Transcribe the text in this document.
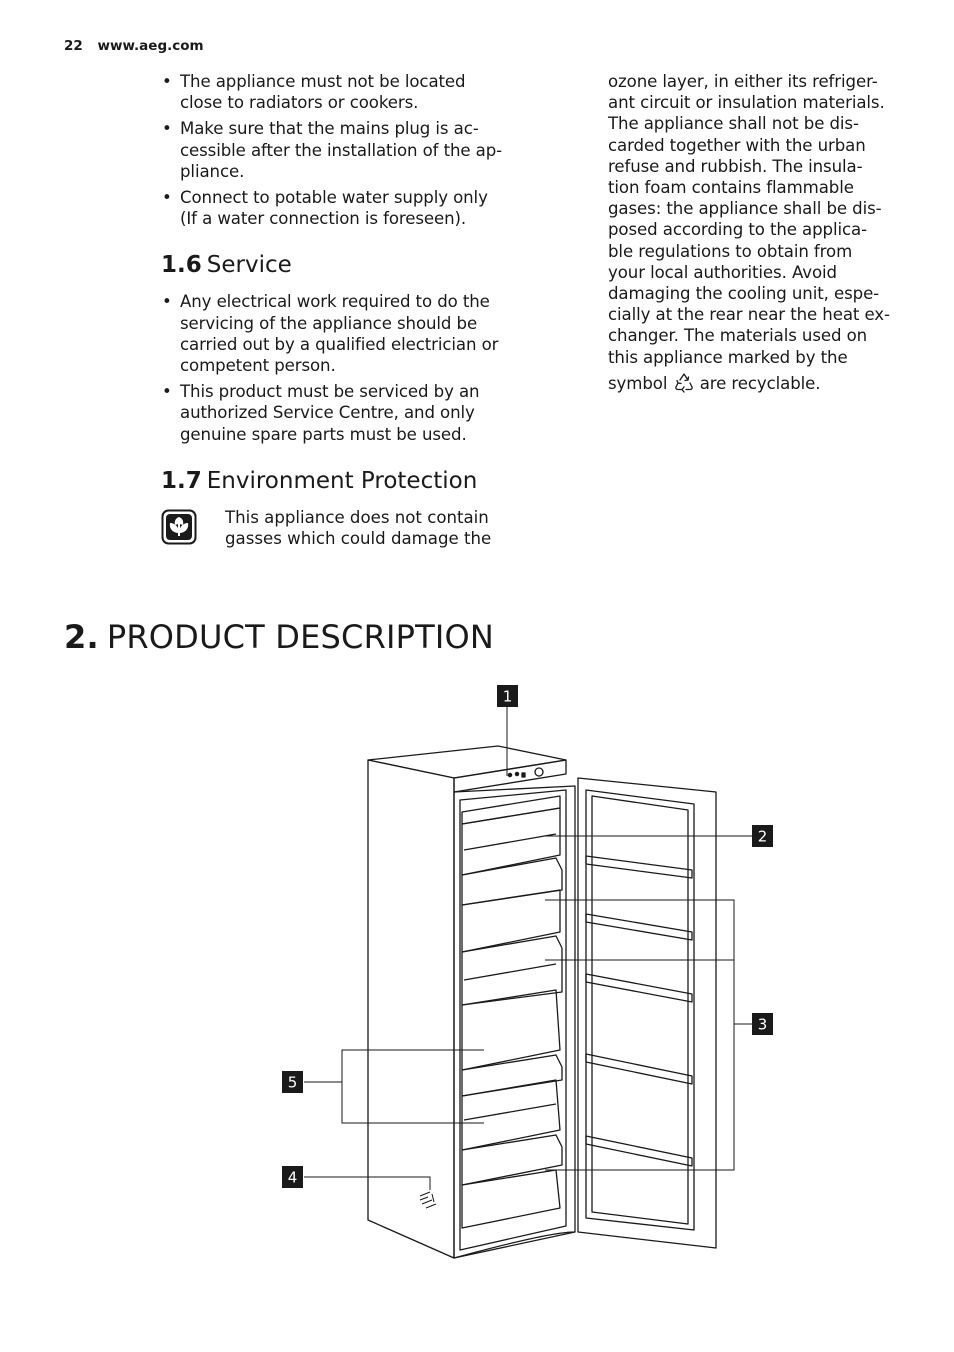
22 www.aeg.com
• The appliance must not be located
close to radiators or cookers.
• Make sure that the mains plug is ac-
cessible after the installation of the ap-
pliance.
• Connect to potable water supply only
(If a water connection is foreseen).
1.6 Service
• Any electrical work required to do the
servicing of the appliance should be
carried out by a qualified electrician or
competent person.
• This product must be serviced by an
authorized Service Centre, and only
genuine spare parts must be used.
1.7 Environment Protection
This appliance does not contain
gasses which could damage the
ozone layer, in either its refriger-
ant circuit or insulation materials.
The appliance shall not be dis-
carded together with the urban
refuse and rubbish. The insula-
tion foam contains flammable
gases: the appliance shall be dis-
posed according to the applica-
ble regulations to obtain from
your local authorities. Avoid
damaging the cooling unit, espe-
cially at the rear near the heat ex-
changer. The materials used on
this appliance marked by the
symbol are recyclable.
2. PRODUCT DESCRIPTION
1
2
3
4
5
